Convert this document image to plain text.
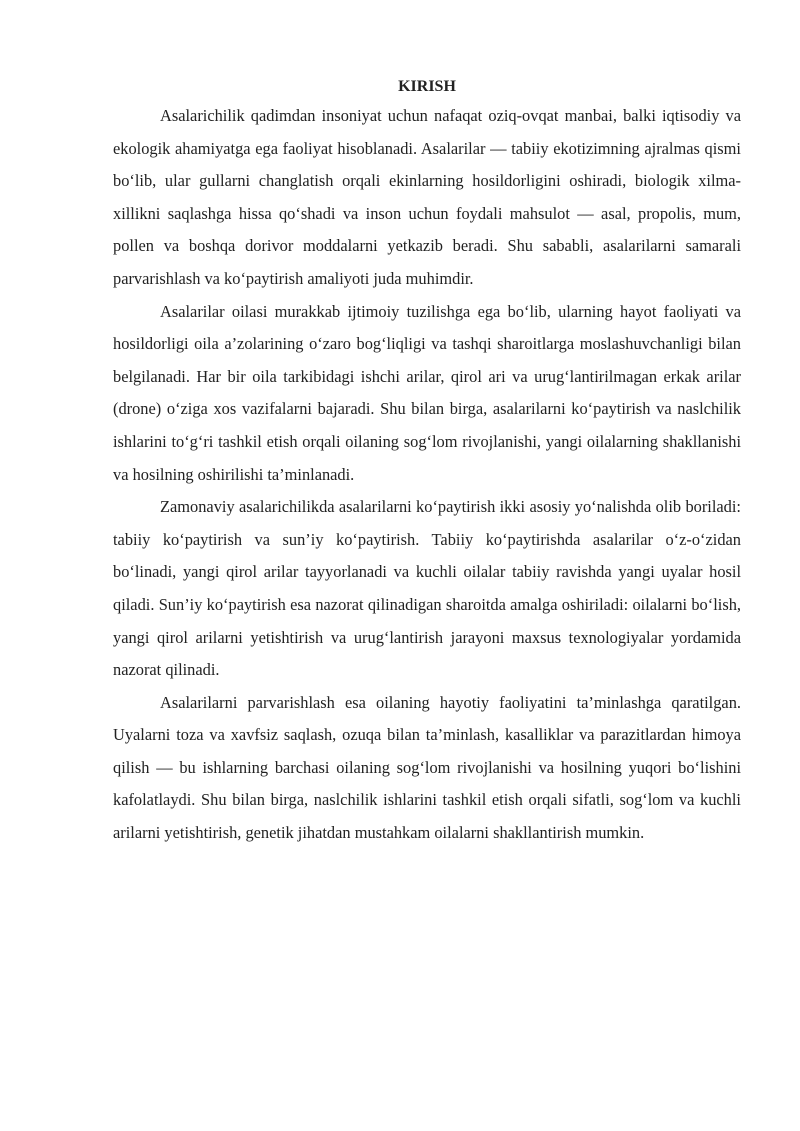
KIRISH

Asalarichilik qadimdan insoniyat uchun nafaqat oziq-ovqat manbai, balki iqtisodiy va ekologik ahamiyatga ega faoliyat hisoblanadi. Asalarilar — tabiiy ekotizimning ajralmas qismi bo‘lib, ular gullarni changlatish orqali ekinlarning hosildorligini oshiradi, biologik xilma-xillikni saqlashga hissa qo‘shadi va inson uchun foydali mahsulot — asal, propolis, mum, pollen va boshqa dorivor moddalarni yetkazib beradi. Shu sababli, asalarilarni samarali parvarishlash va ko‘paytirish amaliyoti juda muhimdir.

Asalarilar oilasi murakkab ijtimoiy tuzilishga ega bo‘lib, ularning hayot faoliyati va hosildorligi oila a’zolarining o‘zaro bog‘liqligi va tashqi sharoitlarga moslashuvchanligi bilan belgilanadi. Har bir oila tarkibidagi ishchi arilar, qirol ari va urug‘lantirilmagan erkak arilar (drone) o‘ziga xos vazifalarni bajaradi. Shu bilan birga, asalarilarni ko‘paytirish va naslchilik ishlarini to‘g‘ri tashkil etish orqali oilaning sog‘lom rivojlanishi, yangi oilalarning shakllanishi va hosilning oshirilishi ta’minlanadi.

Zamonaviy asalarichilikda asalarilarni ko‘paytirish ikki asosiy yo‘nalishda olib boriladi: tabiiy ko‘paytirish va sun’iy ko‘paytirish. Tabiiy ko‘paytirishda asalarilar o‘z-o‘zidan bo‘linadi, yangi qirol arilar tayyorlanadi va kuchli oilalar tabiiy ravishda yangi uyalar hosil qiladi. Sun’iy ko‘paytirish esa nazorat qilinadigan sharoitda amalga oshiriladi: oilalarni bo‘lish, yangi qirol arilarni yetishtirish va urug‘lantirish jarayoni maxsus texnologiyalar yordamida nazorat qilinadi.

Asalarilarni parvarishlash esa oilaning hayotiy faoliyatini ta’minlashga qaratilgan. Uyalarni toza va xavfsiz saqlash, ozuqa bilan ta’minlash, kasalliklar va parazitlardan himoya qilish — bu ishlarning barchasi oilaning sog‘lom rivojlanishi va hosilning yuqori bo‘lishini kafolatlaydi. Shu bilan birga, naslchilik ishlarini tashkil etish orqali sifatli, sog‘lom va kuchli arilarni yetishtirish, genetik jihatdan mustahkam oilalarni shakllantirish mumkin.
